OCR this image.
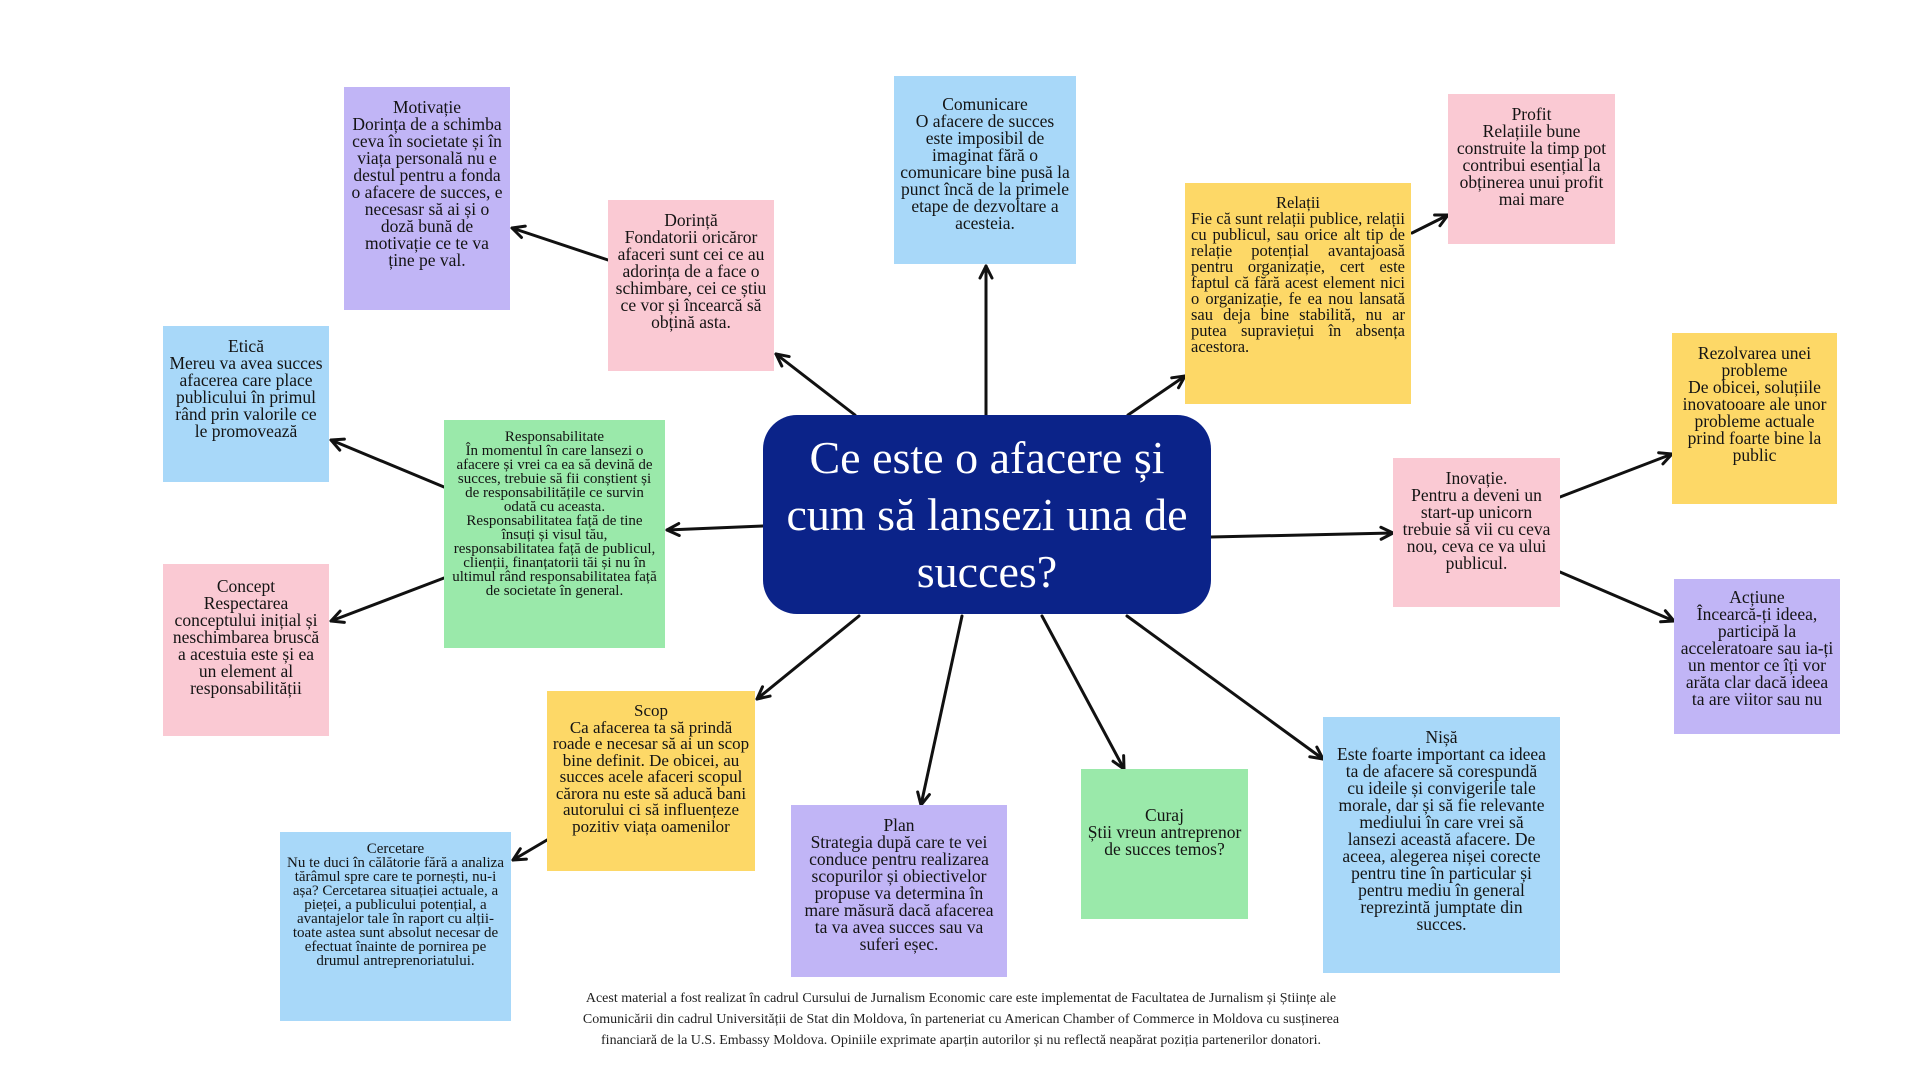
Ce este o afacere și cum să lansezi una de succes?
Motivație
Dorința de a schimba ceva în societate și în viața personală nu e destul pentru a fonda o afacere de succes, e necesasr să ai și o doză bună de motivație ce te va ține pe val.
Dorință
Fondatorii oricăror afaceri sunt cei ce au adorința de a face o schimbare, cei ce știu ce vor și încearcă să obțină asta.
Comunicare
O afacere de succes este imposibil de imaginat fără o comunicare bine pusă la punct încă de la primele etape de dezvoltare a acesteia.
Relații
Fie că sunt relații publice, relații cu publicul, sau orice alt tip de relație potențial avantajoasă pentru organizație, cert este faptul că fără acest element nici o organizație, fe ea nou lansată sau deja bine stabilită, nu ar putea supraviețui în absența acestora.
Profit
Relațiile bune construite la timp pot contribui esențial la obținerea unui profit mai mare
Etică
Mereu va avea succes afacerea care place publicului în primul rând prin valorile ce le promovează	Responsabilitate
În momentul în care lansezi o afacere și vrei ca ea să devină de succes, trebuie să fii conștient și de responsabilitățile ce survin odată cu aceasta. Responsabilitatea față de tine însuți și visul tău, responsabilitatea față de publicul, clienții, finanțatorii tăi și nu în ultimul rând responsabilitatea față de societate în general.
Inovație.
Pentru a deveni un start-up unicorn trebuie să vii cu ceva nou, ceva ce va ului publicul.
Rezolvarea unei probleme
De obicei, soluțiile inovatooare ale unor probleme actuale prind foarte bine la public
Acțiune
Încearcă-ți ideea, participă la acceleratoare sau ia-ți un mentor ce îți vor arăta clar dacă ideea ta are viitor sau nu
Concept
Respectarea conceptului inițial și neschimbarea bruscă a acestuia este și ea un element al responsabilității
Scop
Ca afacerea ta să prindă roade e necesar să ai un scop bine definit. De obicei, au succes acele afaceri scopul cărora nu este să aducă bani autorului ci să influențeze pozitiv viața oamenilor
Cercetare
Nu te duci în călătorie fără a analiza tărâmul spre care te pornești, nu-i așa? Cercetarea situației actuale, a pieței, a publicului potențial, a avantajelor tale în raport cu alții- toate astea sunt absolut necesar de efectuat înainte de pornirea pe drumul antreprenoriatului.
Plan
Strategia după care te vei conduce pentru realizarea scopurilor și obiectivelor propuse va determina în mare măsură dacă afacerea ta va avea succes sau va suferi eșec.
Curaj
Știi vreun antreprenor de succes temos?
Nișă
Este foarte important ca ideea ta de afacere să corespundă cu ideile și convigerile tale morale, dar și să fie relevante mediului în care vrei să lansezi această afacere. De aceea, alegerea nișei corecte pentru tine în particular și pentru mediu în general reprezintă jumptate din succes.
Acest material a fost realizat în cadrul Cursului de Jurnalism Economic care este implementat de Facultatea de Jurnalism și Științe ale Comunicării din cadrul Universității de Stat din Moldova, în parteneriat cu American Chamber of Commerce in Moldova cu susținerea financiară de la U.S. Embassy Moldova. Opiniile exprimate aparțin autorilor și nu reflectă neapărat poziția partenerilor donatori.
